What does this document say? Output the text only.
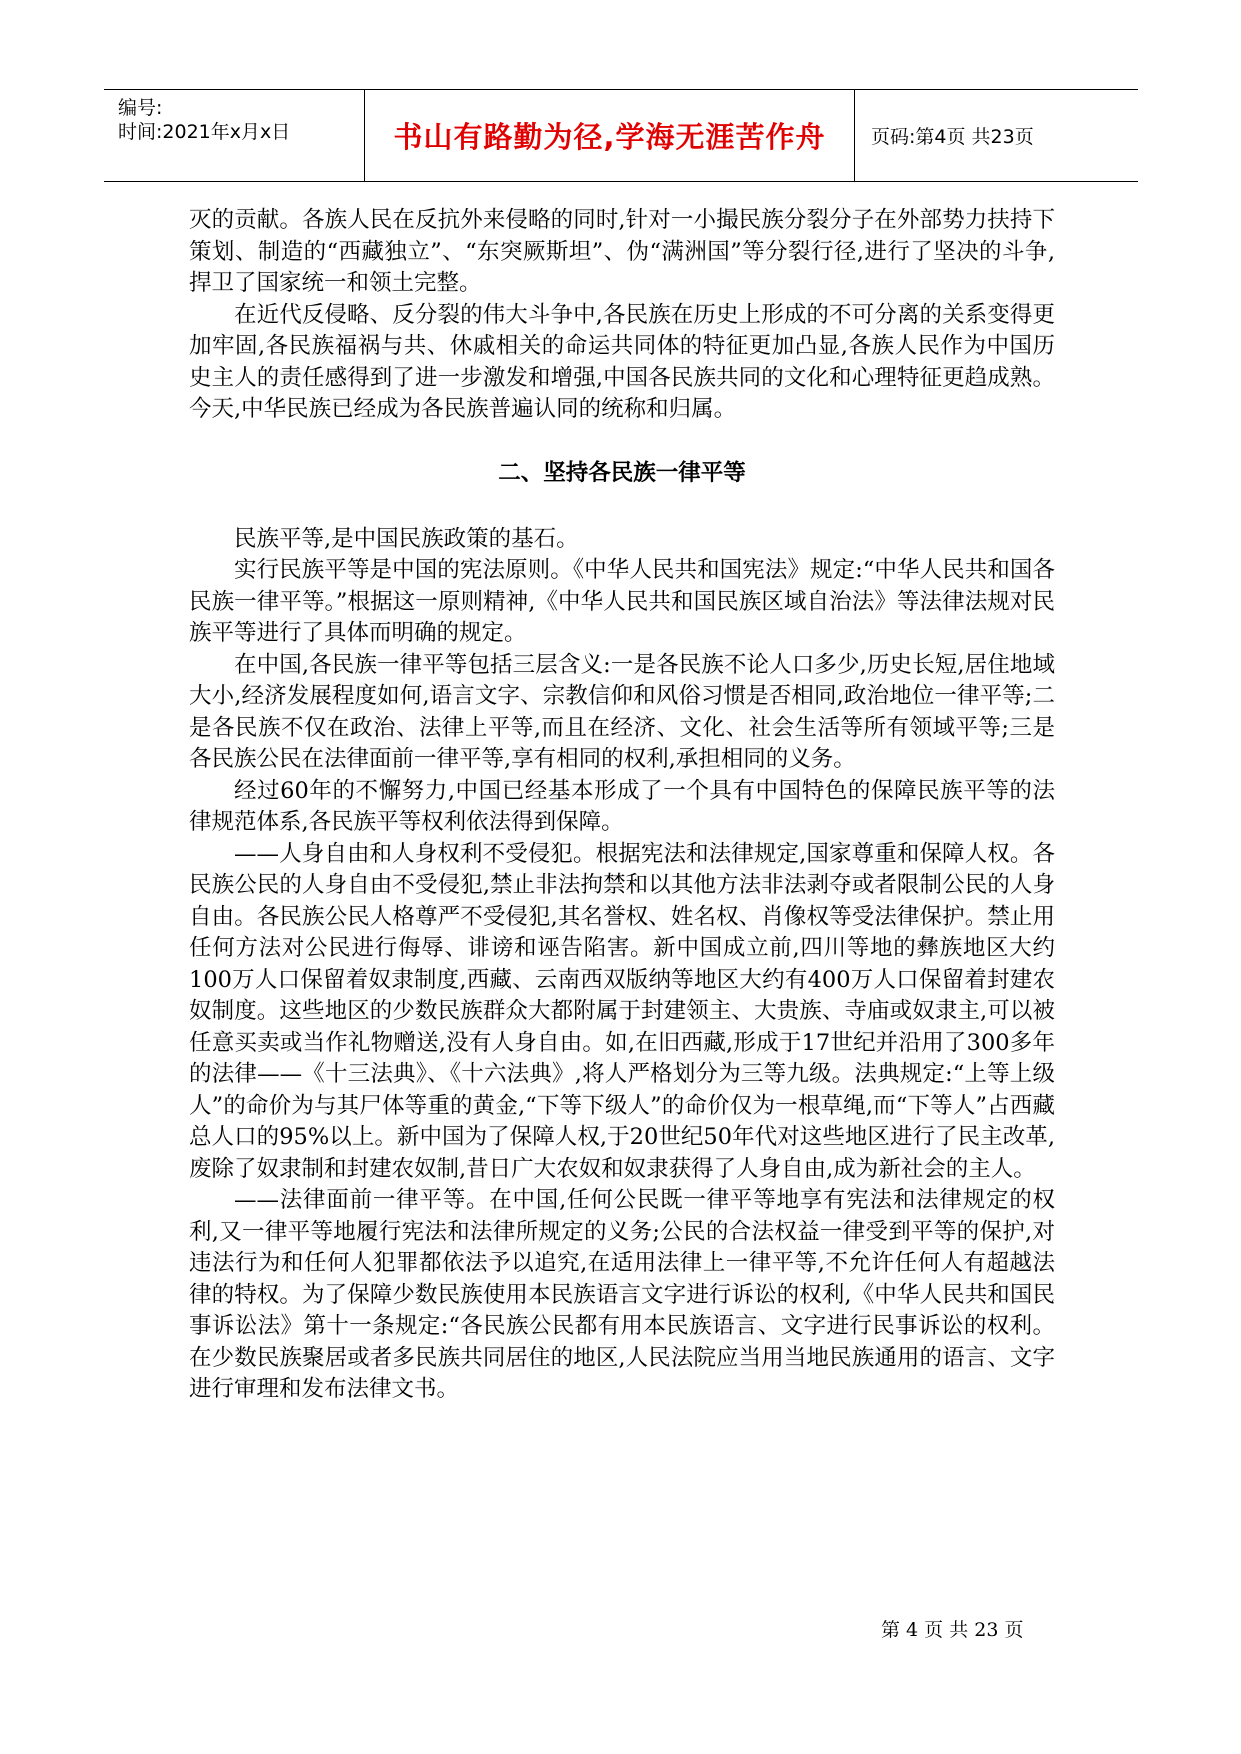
编号:
时间:2021年x月x日	书山有路勤为径,学海无涯苦作舟	页码:第4页 共23页

灭的贡献。各族人民在反抗外来侵略的同时,针对一小撮民族分裂分子在外部势力扶持下策划、制造的“西藏独立”、“东突厥斯坦”、伪“满洲国”等分裂行径,进行了坚决的斗争,捍卫了国家统一和领土完整。

在近代反侵略、反分裂的伟大斗争中,各民族在历史上形成的不可分离的关系变得更加牢固,各民族福祸与共、休戚相关的命运共同体的特征更加凸显,各族人民作为中国历史主人的责任感得到了进一步激发和增强,中国各民族共同的文化和心理特征更趋成熟。今天,中华民族已经成为各民族普遍认同的统称和归属。

二、坚持各民族一律平等

民族平等,是中国民族政策的基石。

实行民族平等是中国的宪法原则。《中华人民共和国宪法》规定:“中华人民共和国各民族一律平等。”根据这一原则精神,《中华人民共和国民族区域自治法》等法律法规对民族平等进行了具体而明确的规定。

在中国,各民族一律平等包括三层含义:一是各民族不论人口多少,历史长短,居住地域大小,经济发展程度如何,语言文字、宗教信仰和风俗习惯是否相同,政治地位一律平等;二是各民族不仅在政治、法律上平等,而且在经济、文化、社会生活等所有领域平等;三是各民族公民在法律面前一律平等,享有相同的权利,承担相同的义务。

经过60年的不懈努力,中国已经基本形成了一个具有中国特色的保障民族平等的法律规范体系,各民族平等权利依法得到保障。

——人身自由和人身权利不受侵犯。根据宪法和法律规定,国家尊重和保障人权。各民族公民的人身自由不受侵犯,禁止非法拘禁和以其他方法非法剥夺或者限制公民的人身自由。各民族公民人格尊严不受侵犯,其名誉权、姓名权、肖像权等受法律保护。禁止用任何方法对公民进行侮辱、诽谤和诬告陷害。新中国成立前,四川等地的彝族地区大约100万人口保留着奴隶制度,西藏、云南西双版纳等地区大约有400万人口保留着封建农奴制度。这些地区的少数民族群众大都附属于封建领主、大贵族、寺庙或奴隶主,可以被任意买卖或当作礼物赠送,没有人身自由。如,在旧西藏,形成于17世纪并沿用了300多年的法律——《十三法典》、《十六法典》,将人严格划分为三等九级。法典规定:“上等上级人”的命价为与其尸体等重的黄金,“下等下级人”的命价仅为一根草绳,而“下等人”占西藏总人口的95%以上。新中国为了保障人权,于20世纪50年代对这些地区进行了民主改革,废除了奴隶制和封建农奴制,昔日广大农奴和奴隶获得了人身自由,成为新社会的主人。

——法律面前一律平等。在中国,任何公民既一律平等地享有宪法和法律规定的权利,又一律平等地履行宪法和法律所规定的义务;公民的合法权益一律受到平等的保护,对违法行为和任何人犯罪都依法予以追究,在适用法律上一律平等,不允许任何人有超越法律的特权。为了保障少数民族使用本民族语言文字进行诉讼的权利,《中华人民共和国民事诉讼法》第十一条规定:“各民族公民都有用本民族语言、文字进行民事诉讼的权利。在少数民族聚居或者多民族共同居住的地区,人民法院应当用当地民族通用的语言、文字进行审理和发布法律文书。

第 4 页 共 23 页
